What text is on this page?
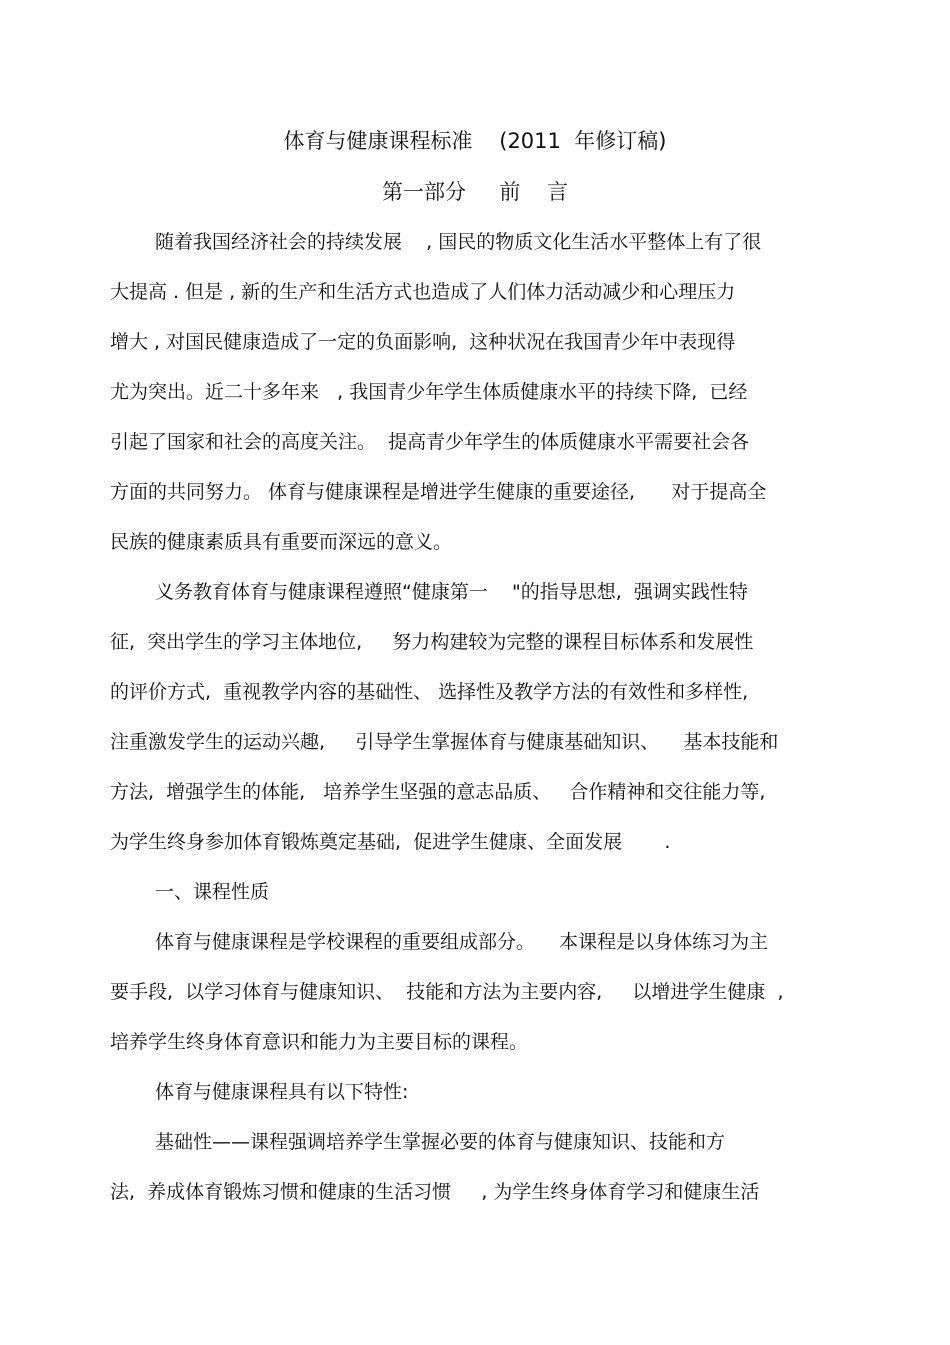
体育与健康课程标准    (2011  年修订稿)
第一部分     前    言
随着我国经济社会的持续发展    , 国民的物质文化生活水平整体上有了很
大提高 . 但是 , 新的生产和生活方式也造成了人们体力活动减少和心理压力
增大 , 对国民健康造成了一定的负面影响,  这种状况在我国青少年中表现得
尤为突出。近二十多年来   , 我国青少年学生体质健康水平的持续下降,  已经
引起了国家和社会的高度关注。  提高青少年学生的体质健康水平需要社会各
方面的共同努力。 体育与健康课程是增进学生健康的重要途径,      对于提高全
民族的健康素质具有重要而深远的意义。
义务教育体育与健康课程遵照“健康第一    "的指导思想,  强调实践性特
征,  突出学生的学习主体地位,     努力构建较为完整的课程目标体系和发展性
的评价方式,  重视教学内容的基础性、 选择性及教学方法的有效性和多样性,
注重激发学生的运动兴趣,     引导学生掌握体育与健康基础知识、    基本技能和
方法,  增强学生的体能,   培养学生坚强的意志品质、   合作精神和交往能力等,
为学生终身参加体育锻炼奠定基础,  促进学生健康、全面发展       .
一、课程性质
体育与健康课程是学校课程的重要组成部分。    本课程是以身体练习为主
要手段,  以学习体育与健康知识、  技能和方法为主要内容,     以增进学生健康  ,
培养学生终身体育意识和能力为主要目标的课程。
体育与健康课程具有以下特性:
基础性——课程强调培养学生掌握必要的体育与健康知识、技能和方
法,  养成体育锻炼习惯和健康的生活习惯     , 为学生终身体育学习和健康生活
